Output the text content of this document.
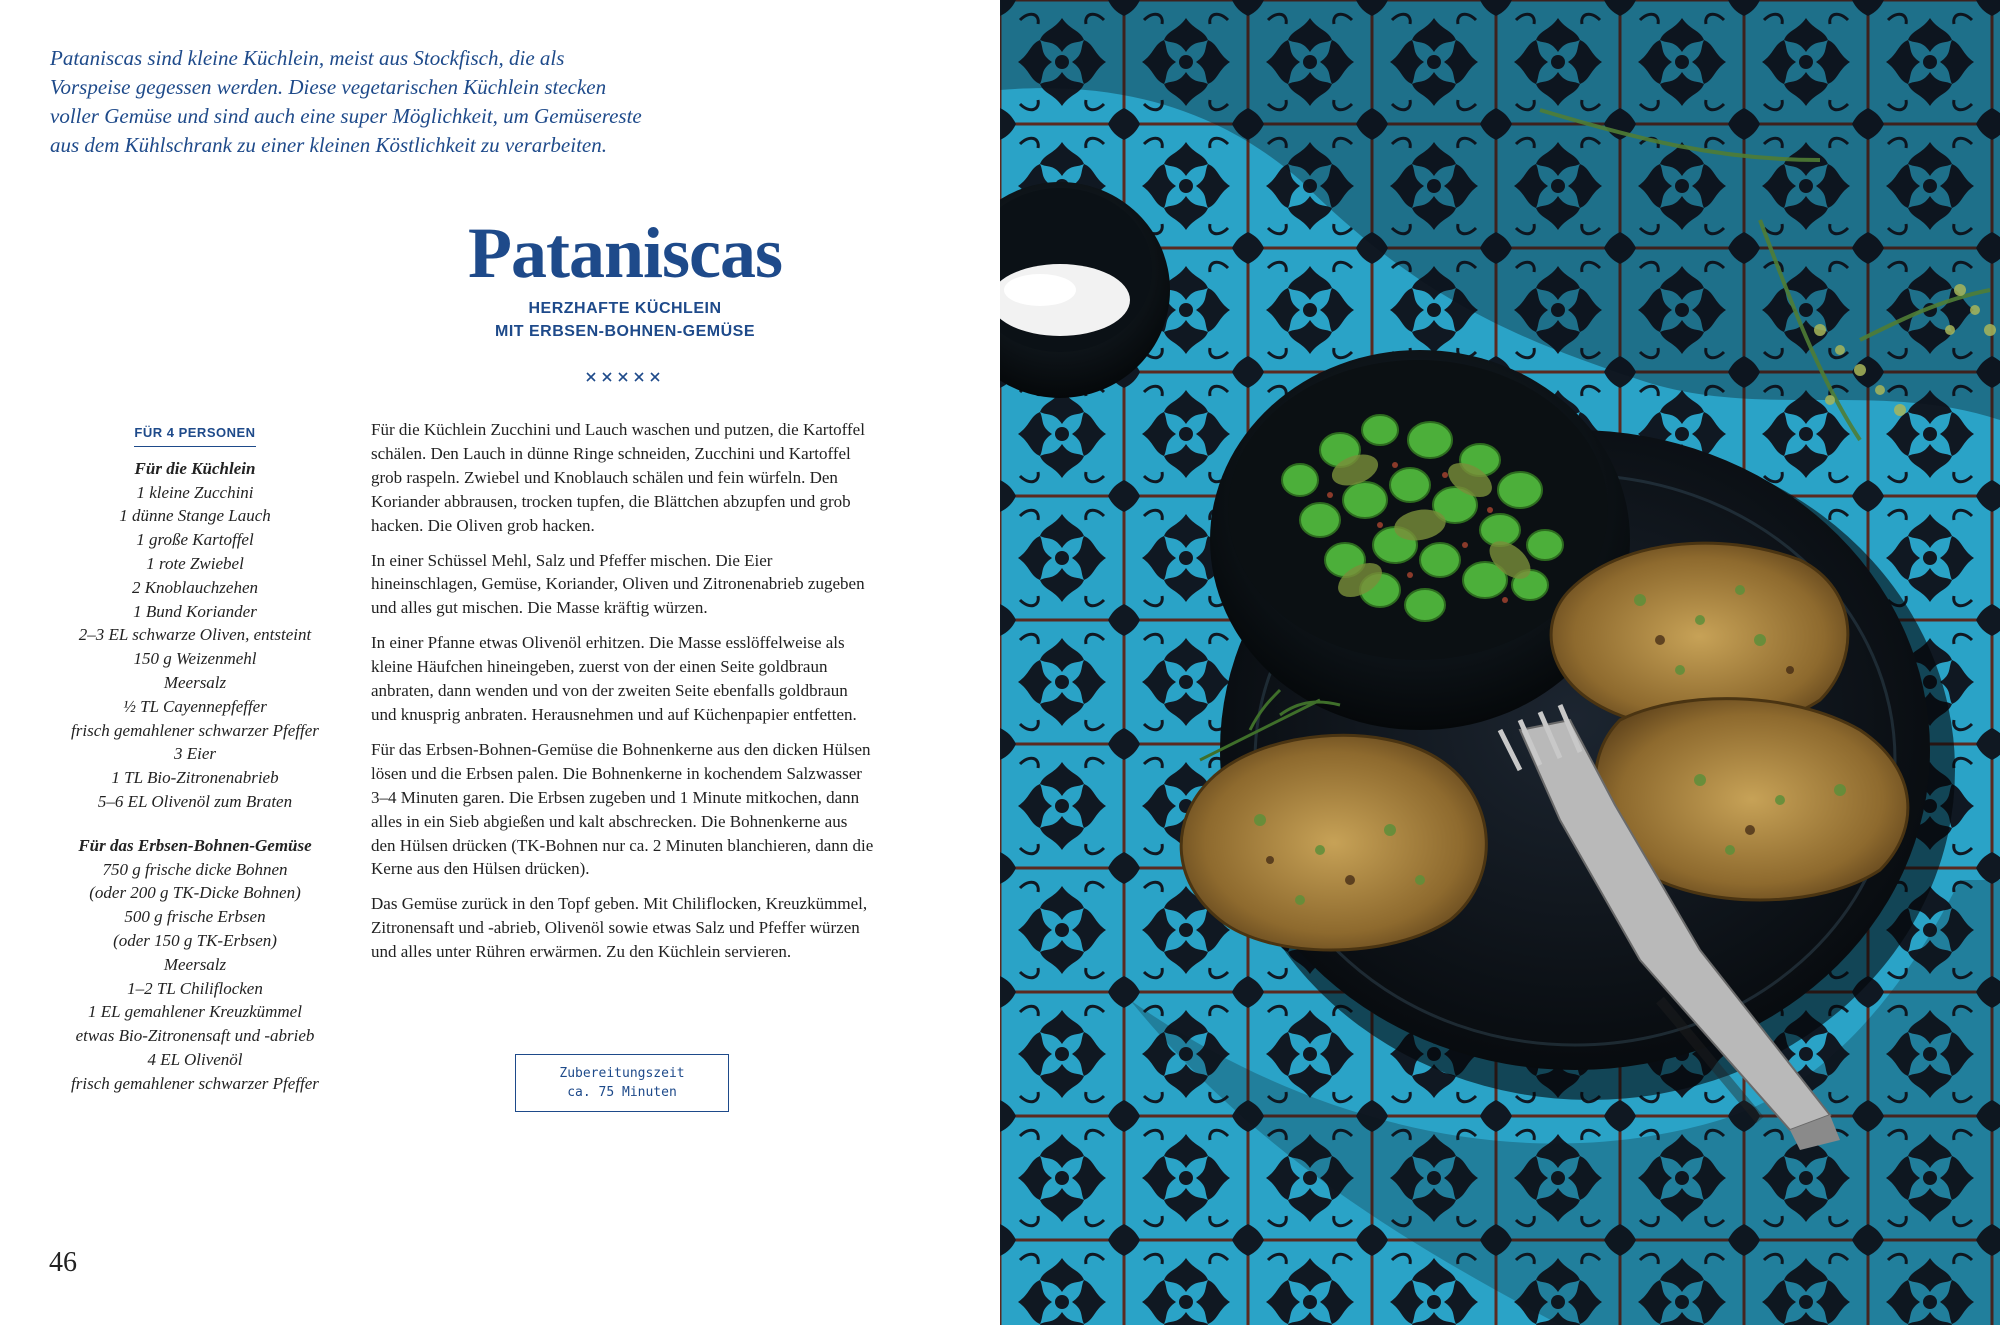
Pataniscas sind kleine Küchlein, meist aus Stockfisch, die als Vorspeise gegessen werden. Diese vegetarischen Küchlein stecken voller Gemüse und sind auch eine super Möglichkeit, um Gemüsereste aus dem Kühlschrank zu einer kleinen Köstlichkeit zu verarbeiten.

Pataniscas
HERZHAFTE KÜCHLEIN
MIT ERBSEN-BOHNEN-GEMÜSE
FÜR 4 PERSONEN
Für die Küchlein
1 kleine Zucchini
1 dünne Stange Lauch
1 große Kartoffel
1 rote Zwiebel
2 Knoblauchzehen
1 Bund Koriander
2–3 EL schwarze Oliven, entsteint
150 g Weizenmehl
Meersalz
½ TL Cayennepfeffer
frisch gemahlener schwarzer Pfeffer
3 Eier
1 TL Bio-Zitronenabrieb
5–6 EL Olivenöl zum Braten
Für das Erbsen-Bohnen-Gemüse
750 g frische dicke Bohnen
(oder 200 g TK-Dicke Bohnen)
500 g frische Erbsen
(oder 150 g TK-Erbsen)
Meersalz
1–2 TL Chiliflocken
1 EL gemahlener Kreuzkümmel
etwas Bio-Zitronensaft und -abrieb
4 EL Olivenöl
frisch gemahlener schwarzer Pfeffer

Für die Küchlein Zucchini und Lauch waschen und putzen, die Kartoffel schälen. Den Lauch in dünne Ringe schneiden, Zucchini und Kartoffel grob raspeln. Zwiebel und Knoblauch schälen und fein würfeln. Den Koriander abbrausen, trocken tupfen, die Blättchen abzupfen und grob hacken. Die Oliven grob hacken.

In einer Schüssel Mehl, Salz und Pfeffer mischen. Die Eier hineinschlagen, Gemüse, Koriander, Oliven und Zitronenabrieb zugeben und alles gut mischen. Die Masse kräftig würzen.

In einer Pfanne etwas Olivenöl erhitzen. Die Masse esslöffelweise als kleine Häufchen hineingeben, zuerst von der einen Seite goldbraun anbraten, dann wenden und von der zweiten Seite ebenfalls goldbraun und knusprig anbraten. Herausnehmen und auf Küchenpapier entfetten.

Für das Erbsen-Bohnen-Gemüse die Bohnenkerne aus den dicken Hülsen lösen und die Erbsen palen. Die Bohnenkerne in kochendem Salzwasser 3–4 Minuten garen. Die Erbsen zugeben und 1 Minute mitkochen, dann alles in ein Sieb abgießen und kalt abschrecken. Die Bohnenkerne aus den Hülsen drücken (TK-Bohnen nur ca. 2 Minuten blanchieren, dann die Kerne aus den Hülsen drücken).

Das Gemüse zurück in den Topf geben. Mit Chiliflocken, Kreuzkümmel, Zitronensaft und -abrieb, Olivenöl sowie etwas Salz und Pfeffer würzen und alles unter Rühren erwärmen. Zu den Küchlein servieren.

Zubereitungszeit
ca. 75 Minuten
46
